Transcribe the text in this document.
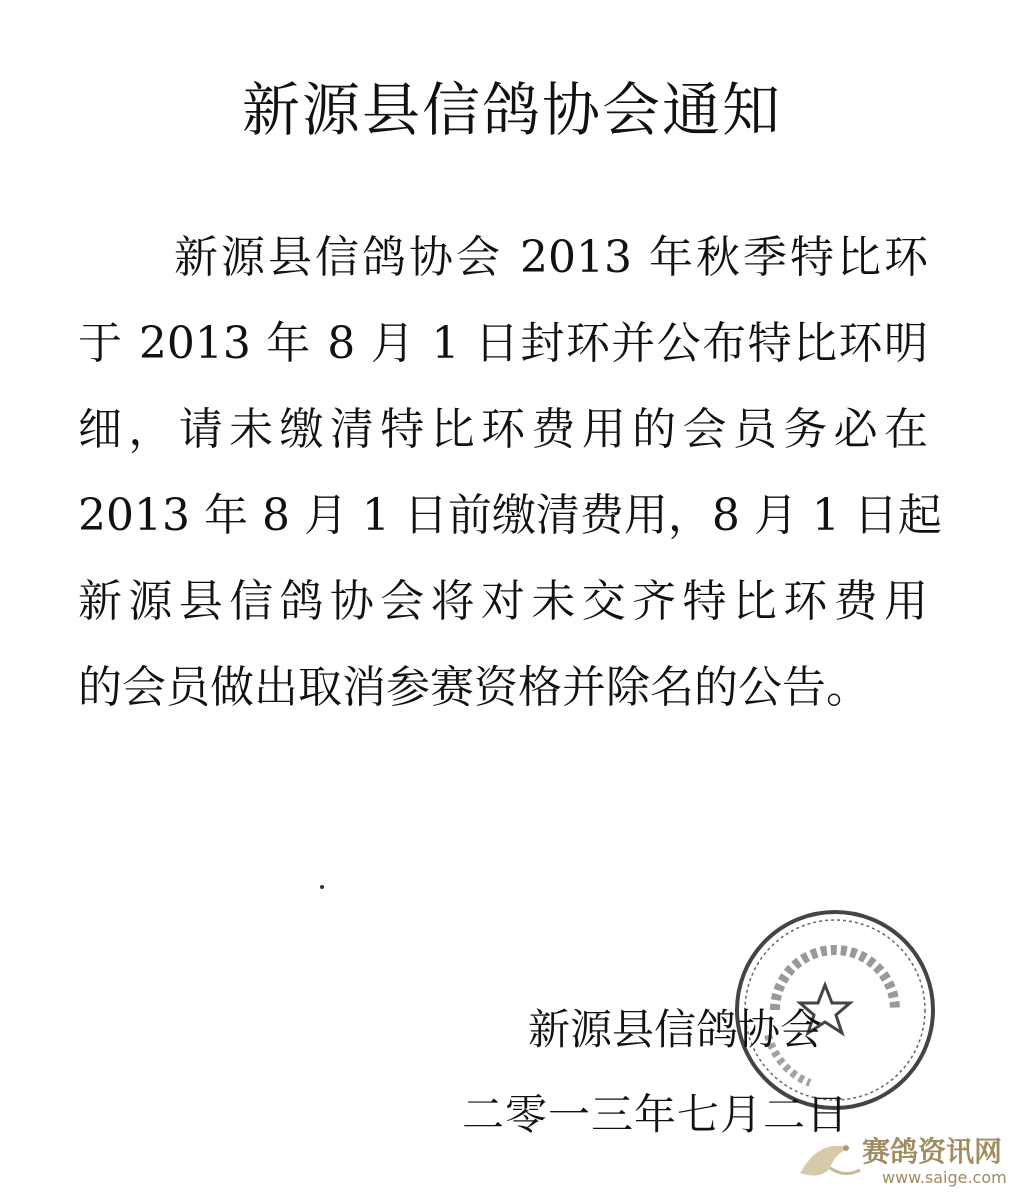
新源县信鸽协会通知
新源县信鸽协会 2013 年秋季特比环
于 2013 年 8 月 1 日封环并公布特比环明
细，请未缴清特比环费用的会员务必在
2013 年 8 月 1 日前缴清费用，8 月 1 日起
新源县信鸽协会将对未交齐特比环费用
的会员做出取消参赛资格并除名的公告。
新源县信鸽协会
二零一三年七月二日
赛鸽资讯网
www.saige.com
